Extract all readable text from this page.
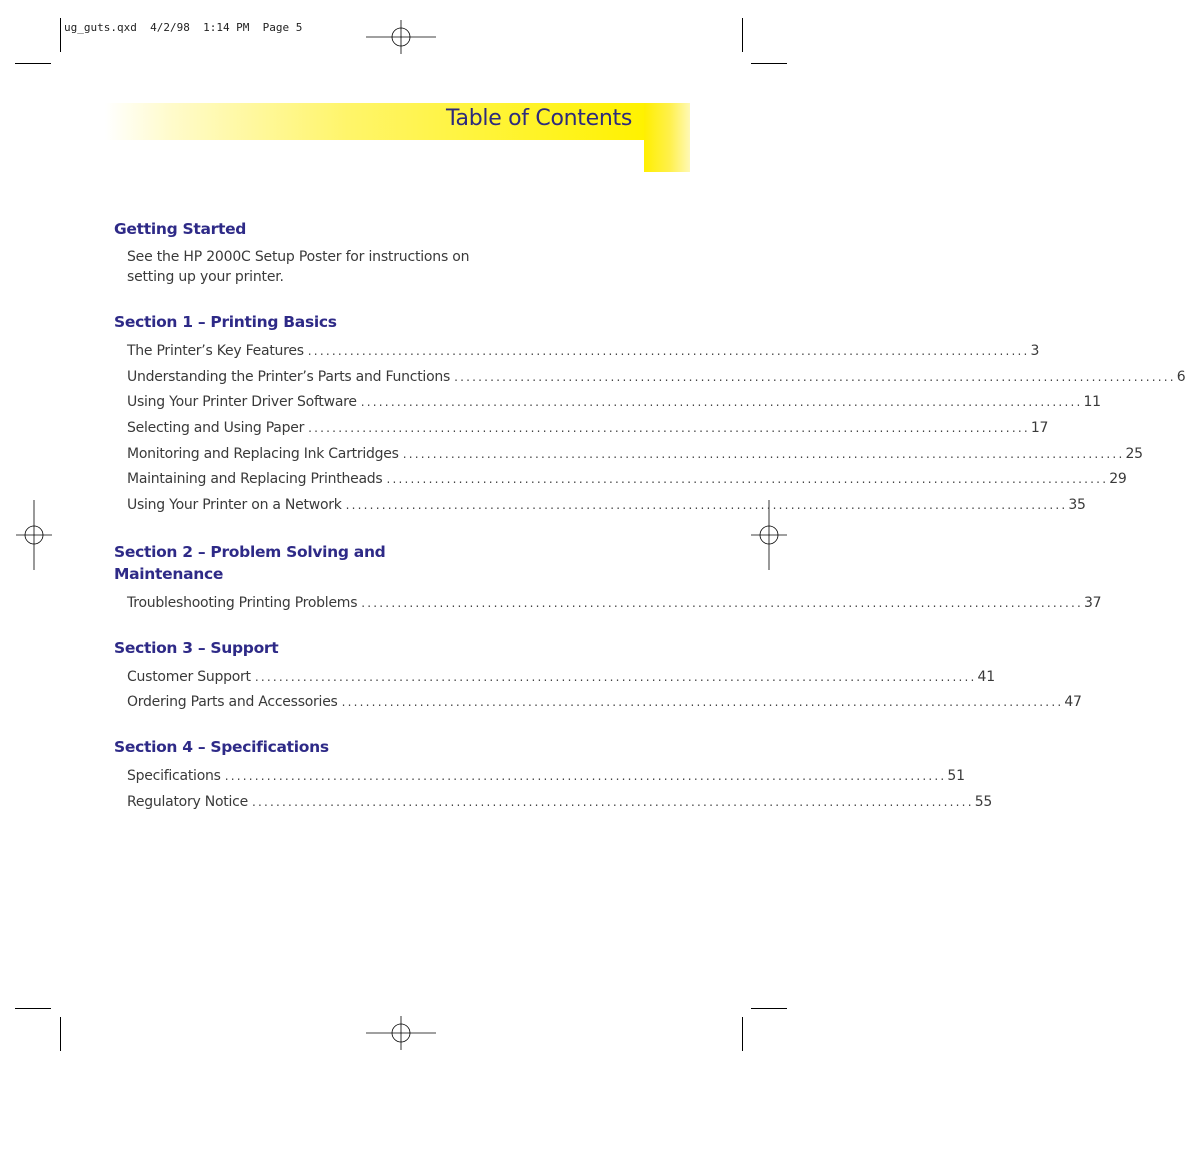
ug_guts.qxd  4/2/98  1:14 PM  Page 5
Table of Contents
Getting Started
See the HP 2000C Setup Poster for instructions on
setting up your printer.
Section 1 – Printing Basics
The Printer’s Key Features ........................................................................................................................ 3
Understanding the Printer’s Parts and Functions ........................................................................................................................ 6
Using Your Printer Driver Software ........................................................................................................................ 11
Selecting and Using Paper ........................................................................................................................ 17
Monitoring and Replacing Ink Cartridges ........................................................................................................................ 25
Maintaining and Replacing Printheads ........................................................................................................................ 29
Using Your Printer on a Network ........................................................................................................................ 35
Section 2 – Problem Solving and Maintenance
Troubleshooting Printing Problems ........................................................................................................................ 37
Section 3 – Support
Customer Support ........................................................................................................................ 41
Ordering Parts and Accessories ........................................................................................................................ 47
Section 4 – Specifications
Specifications ........................................................................................................................ 51
Regulatory Notice ........................................................................................................................ 55
